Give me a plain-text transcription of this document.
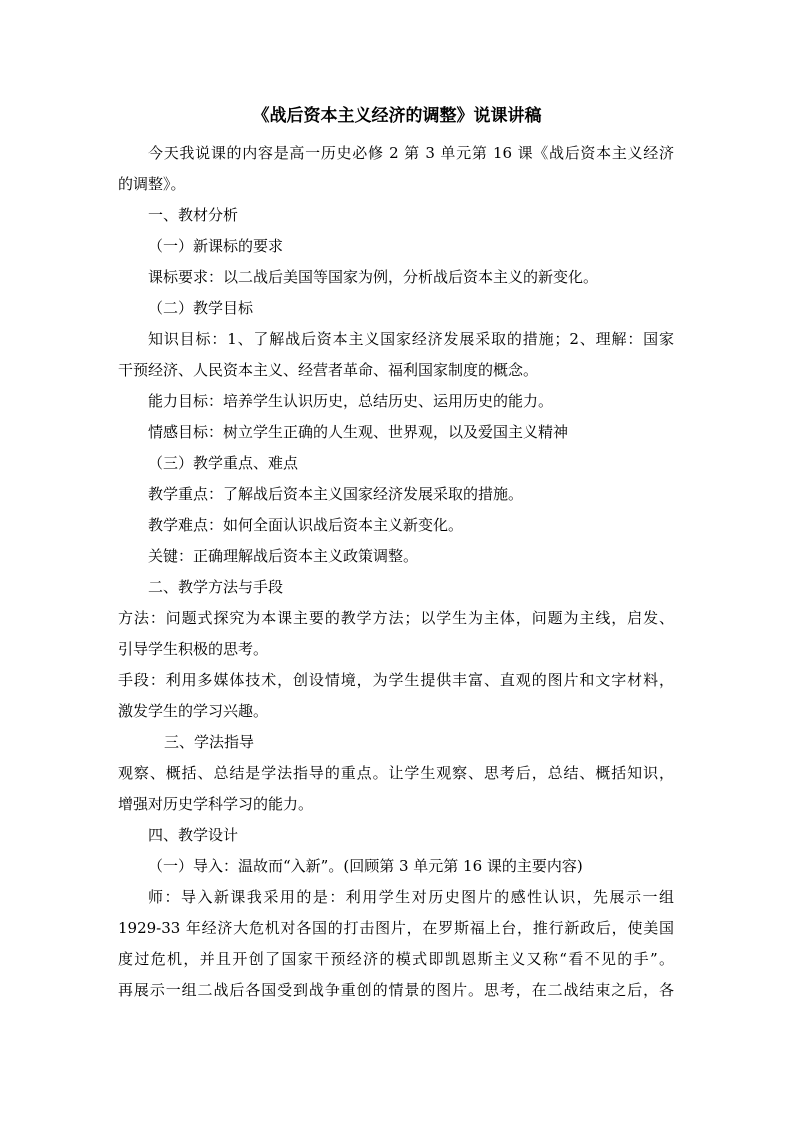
《战后资本主义经济的调整》说课讲稿
今天我说课的内容是高一历史必修 2 第 3 单元第 16 课《战后资本主义经济
的调整》。
一、教材分析
（一）新课标的要求
课标要求：以二战后美国等国家为例，分析战后资本主义的新变化。
（二）教学目标
知识目标：1、了解战后资本主义国家经济发展采取的措施；2、理解：国家
干预经济、人民资本主义、经营者革命、福利国家制度的概念。
能力目标：培养学生认识历史，总结历史、运用历史的能力。
情感目标：树立学生正确的人生观、世界观，以及爱国主义精神
（三）教学重点、难点
教学重点：了解战后资本主义国家经济发展采取的措施。
教学难点：如何全面认识战后资本主义新变化。
关键：正确理解战后资本主义政策调整。
二、教学方法与手段
方法：问题式探究为本课主要的教学方法；以学生为主体，问题为主线，启发、
引导学生积极的思考。
手段：利用多媒体技术，创设情境，为学生提供丰富、直观的图片和文字材料，
激发学生的学习兴趣。
三、学法指导
观察、概括、总结是学法指导的重点。让学生观察、思考后，总结、概括知识，
增强对历史学科学习的能力。
四、教学设计
（一）导入：温故而“入新”。(回顾第 3 单元第 16 课的主要内容)
师：导入新课我采用的是：利用学生对历史图片的感性认识，先展示一组
1929-33 年经济大危机对各国的打击图片，在罗斯福上台，推行新政后，使美国
度过危机，并且开创了国家干预经济的模式即凯恩斯主义又称“看不见的手”。
再展示一组二战后各国受到战争重创的情景的图片。思考，在二战结束之后，各
